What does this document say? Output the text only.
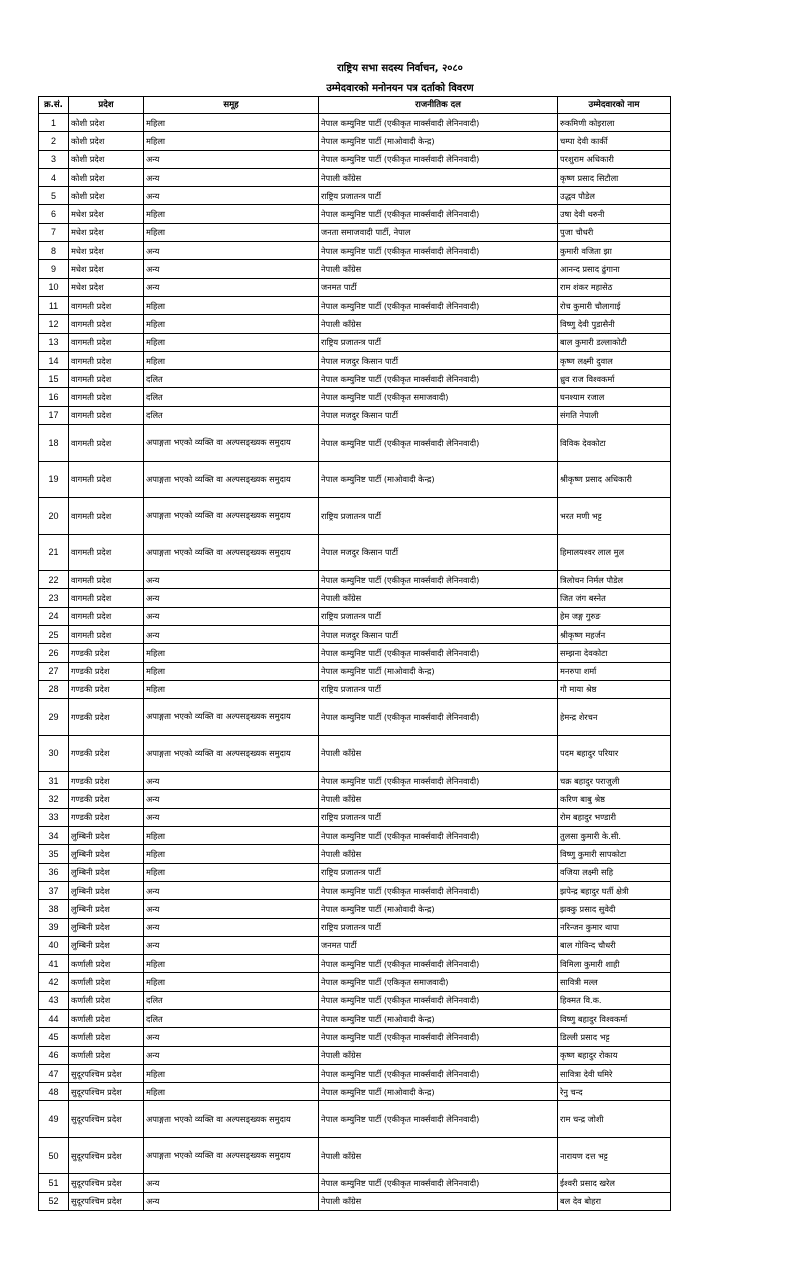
राष्ट्रिय सभा सदस्य निर्वाचन, २०८०
उम्मेदवारको मनोनयन पत्र दर्ताको विवरण
क्र.सं.	प्रदेश	समूह	राजनीतिक दल	उम्मेदवारको नाम
1	कोशी प्रदेश	महिला	नेपाल कम्युनिष्ट पार्टी (एकीकृत मार्क्सवादी लेनिनवादी)	रुकमिणी कोइराला
2	कोशी प्रदेश	महिला	नेपाल कम्युनिष्ट पार्टी (माओवादी केन्द्र)	चम्पा देवी कार्की
3	कोशी प्रदेश	अन्य	नेपाल कम्युनिष्ट पार्टी (एकीकृत मार्क्सवादी लेनिनवादी)	परशुराम अधिकारी
4	कोशी प्रदेश	अन्य	नेपाली काँग्रेस	कृष्ण प्रसाद सिटौला
5	कोशी प्रदेश	अन्य	राष्ट्रिय प्रजातन्त्र पार्टी	उद्धव पौडेल
6	मधेश प्रदेश	महिला	नेपाल कम्युनिष्ट पार्टी (एकीकृत मार्क्सवादी लेनिनवादी)	उषा देवी थरुनी
7	मधेश प्रदेश	महिला	जनता समाजवादी पार्टी, नेपाल	पुजा चौधरी
8	मधेश प्रदेश	अन्य	नेपाल कम्युनिष्ट पार्टी (एकीकृत मार्क्सवादी लेनिनवादी)	कुमारी वजिता झा
9	मधेश प्रदेश	अन्य	नेपाली काँग्रेस	आनन्द प्रसाद ढुंगाना
10	मधेश प्रदेश	अन्य	जनमत पार्टी	राम शंकर महासेठ
11	वागमती प्रदेश	महिला	नेपाल कम्युनिष्ट पार्टी (एकीकृत मार्क्सवादी लेनिनवादी)	रोच कुमारी चौलागाई
12	वागमती प्रदेश	महिला	नेपाली काँग्रेस	विष्णु देवी पुडासैनी
13	वागमती प्रदेश	महिला	राष्ट्रिय प्रजातन्त्र पार्टी	बाल कुमारी डल्लाकोटी
14	वागमती प्रदेश	महिला	नेपाल मजदुर किसान पार्टी	कृष्ण लक्ष्मी दुवाल
15	वागमती प्रदेश	दलित	नेपाल कम्युनिष्ट पार्टी (एकीकृत मार्क्सवादी लेनिनवादी)	ध्रुव राज विश्वकर्मा
16	वागमती प्रदेश	दलित	नेपाल कम्युनिष्ट पार्टी (एकीकृत समाजवादी)	घनश्याम रजाल
17	वागमती प्रदेश	दलित	नेपाल मजदुर किसान पार्टी	संगति नेपाली
18	वागमती प्रदेश	अपाङ्गता भएको व्यक्ति वा अल्पसङ्ख्यक समुदाय	नेपाल कम्युनिष्ट पार्टी (एकीकृत मार्क्सवादी लेनिनवादी)	विविक देवकोटा
19	वागमती प्रदेश	अपाङ्गता भएको व्यक्ति वा अल्पसङ्ख्यक समुदाय	नेपाल कम्युनिष्ट पार्टी (माओवादी केन्द्र)	श्रीकृष्ण प्रसाद अधिकारी
20	वागमती प्रदेश	अपाङ्गता भएको व्यक्ति वा अल्पसङ्ख्यक समुदाय	राष्ट्रिय प्रजातन्त्र पार्टी	भरत मणी भट्ट
21	वागमती प्रदेश	अपाङ्गता भएको व्यक्ति वा अल्पसङ्ख्यक समुदाय	नेपाल मजदुर किसान पार्टी	हिमालयश्वर लाल मुल
22	वागमती प्रदेश	अन्य	नेपाल कम्युनिष्ट पार्टी (एकीकृत मार्क्सवादी लेनिनवादी)	त्रिलोचन निर्मल पौडेल
23	वागमती प्रदेश	अन्य	नेपाली काँग्रेस	जित जंग बस्नेत
24	वागमती प्रदेश	अन्य	राष्ट्रिय प्रजातन्त्र पार्टी	हेम जङ्ग गुरुङ
25	वागमती प्रदेश	अन्य	नेपाल मजदुर किसान पार्टी	श्रीकृष्ण महर्जन
26	गण्डकी प्रदेश	महिला	नेपाल कम्युनिष्ट पार्टी (एकीकृत मार्क्सवादी लेनिनवादी)	सम्झना देवकोटा
27	गण्डकी प्रदेश	महिला	नेपाल कम्युनिष्ट पार्टी (माओवादी केन्द्र)	मनरुपा शर्मा
28	गण्डकी प्रदेश	महिला	राष्ट्रिय प्रजातन्त्र पार्टी	गौ माया श्रेष्ठ
29	गण्डकी प्रदेश	अपाङ्गता भएको व्यक्ति वा अल्पसङ्ख्यक समुदाय	नेपाल कम्युनिष्ट पार्टी (एकीकृत मार्क्सवादी लेनिनवादी)	हेमन्द्र शेरचन
30	गण्डकी प्रदेश	अपाङ्गता भएको व्यक्ति वा अल्पसङ्ख्यक समुदाय	नेपाली काँग्रेस	पदम बहादुर परियार
31	गण्डकी प्रदेश	अन्य	नेपाल कम्युनिष्ट पार्टी (एकीकृत मार्क्सवादी लेनिनवादी)	चक्र बहादुर पराजुली
32	गण्डकी प्रदेश	अन्य	नेपाली काँग्रेस	करिण बाबु श्रेष्ठ
33	गण्डकी प्रदेश	अन्य	राष्ट्रिय प्रजातन्त्र पार्टी	रोम बहादुर भण्डारी
34	लुम्बिनी प्रदेश	महिला	नेपाल कम्युनिष्ट पार्टी (एकीकृत मार्क्सवादी लेनिनवादी)	तुलसा कुमारी के.सी.
35	लुम्बिनी प्रदेश	महिला	नेपाली काँग्रेस	विष्णु कुमारी सापकोटा
36	लुम्बिनी प्रदेश	महिला	राष्ट्रिय प्रजातन्त्र पार्टी	वजिया लक्ष्मी सहि
37	लुम्बिनी प्रदेश	अन्य	नेपाल कम्युनिष्ट पार्टी (एकीकृत मार्क्सवादी लेनिनवादी)	झपेन्द्र बहादुर घर्ती क्षेत्री
38	लुम्बिनी प्रदेश	अन्य	नेपाल कम्युनिष्ट पार्टी (माओवादी केन्द्र)	झक्कु प्रसाद सुवेदी
39	लुम्बिनी प्रदेश	अन्य	राष्ट्रिय प्रजातन्त्र पार्टी	नरिन्जन कुमार थापा
40	लुम्बिनी प्रदेश	अन्य	जनमत पार्टी	बाल गोविन्द चौधरी
41	कर्णाली प्रदेश	महिला	नेपाल कम्युनिष्ट पार्टी (एकीकृत मार्क्सवादी लेनिनवादी)	विमिला कुमारी शाही
42	कर्णाली प्रदेश	महिला	नेपाल कम्युनिष्ट पार्टी (एकिकृत समाजवादी)	सावित्री मल्ल
43	कर्णाली प्रदेश	दलित	नेपाल कम्युनिष्ट पार्टी (एकीकृत मार्क्सवादी लेनिनवादी)	हिक्मत वि.क.
44	कर्णाली प्रदेश	दलित	नेपाल कम्युनिष्ट पार्टी (माओवादी केन्द्र)	विष्णु बहादुर विश्वकर्मा
45	कर्णाली प्रदेश	अन्य	नेपाल कम्युनिष्ट पार्टी (एकीकृत मार्क्सवादी लेनिनवादी)	डिल्ली प्रसाद भट्ट
46	कर्णाली प्रदेश	अन्य	नेपाली काँग्रेस	कृष्ण बहादुर रोकाय
47	सुदूरपश्चिम प्रदेश	महिला	नेपाल कम्युनिष्ट पार्टी (एकीकृत मार्क्सवादी लेनिनवादी)	सावित्रा देवी घमिरे
48	सुदूरपश्चिम प्रदेश	महिला	नेपाल कम्युनिष्ट पार्टी (माओवादी केन्द्र)	रेनु चन्द
49	सुदूरपश्चिम प्रदेश	अपाङ्गता भएको व्यक्ति वा अल्पसङ्ख्यक समुदाय	नेपाल कम्युनिष्ट पार्टी (एकीकृत मार्क्सवादी लेनिनवादी)	राम चन्द्र जोशी
50	सुदूरपश्चिम प्रदेश	अपाङ्गता भएको व्यक्ति वा अल्पसङ्ख्यक समुदाय	नेपाली काँग्रेस	नारायण दत्त भट्ट
51	सुदूरपश्चिम प्रदेश	अन्य	नेपाल कम्युनिष्ट पार्टी (एकीकृत मार्क्सवादी लेनिनवादी)	ईश्वरी प्रसाद खरेल
52	सुदूरपश्चिम प्रदेश	अन्य	नेपाली काँग्रेस	बल देव बोहरा
